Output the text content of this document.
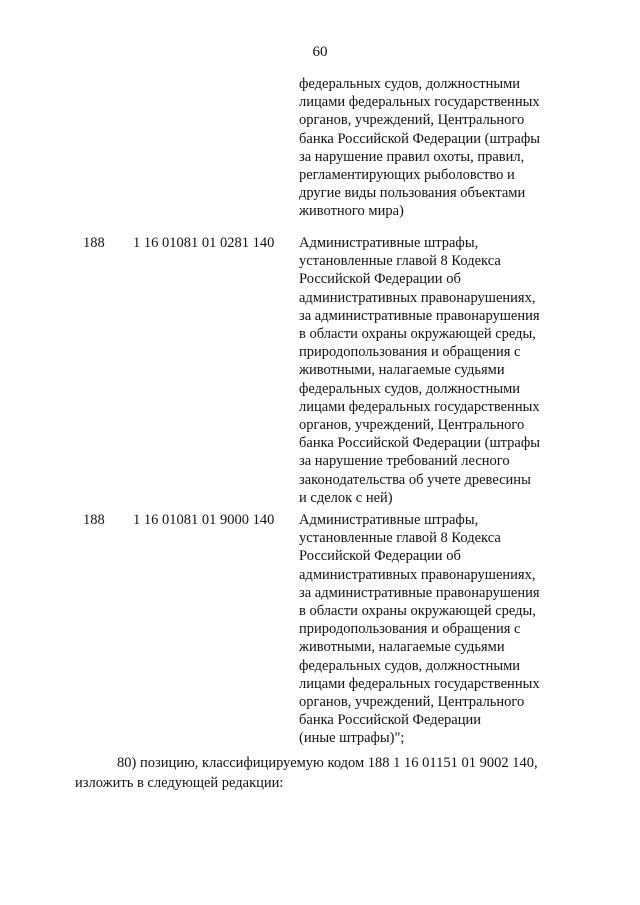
60
федеральных судов, должностными
лицами федеральных государственных
органов, учреждений, Центрального
банка Российской Федерации (штрафы
за нарушение правил охоты, правил,
регламентирующих рыболовство и
другие виды пользования объектами
животного мира)
188 1 16 01081 01 0281 140 Административные штрафы,
установленные главой 8 Кодекса
Российской Федерации об
административных правонарушениях,
за административные правонарушения
в области охраны окружающей среды,
природопользования и обращения с
животными, налагаемые судьями
федеральных судов, должностными
лицами федеральных государственных
органов, учреждений, Центрального
банка Российской Федерации (штрафы
за нарушение требований лесного
законодательства об учете древесины
и сделок с ней)
188 1 16 01081 01 9000 140 Административные штрафы,
установленные главой 8 Кодекса
Российской Федерации об
административных правонарушениях,
за административные правонарушения
в области охраны окружающей среды,
природопользования и обращения с
животными, налагаемые судьями
федеральных судов, должностными
лицами федеральных государственных
органов, учреждений, Центрального
банка Российской Федерации
(иные штрафы)";
80) позицию, классифицируемую кодом 188 1 16 01151 01 9002 140,
изложить в следующей редакции:
